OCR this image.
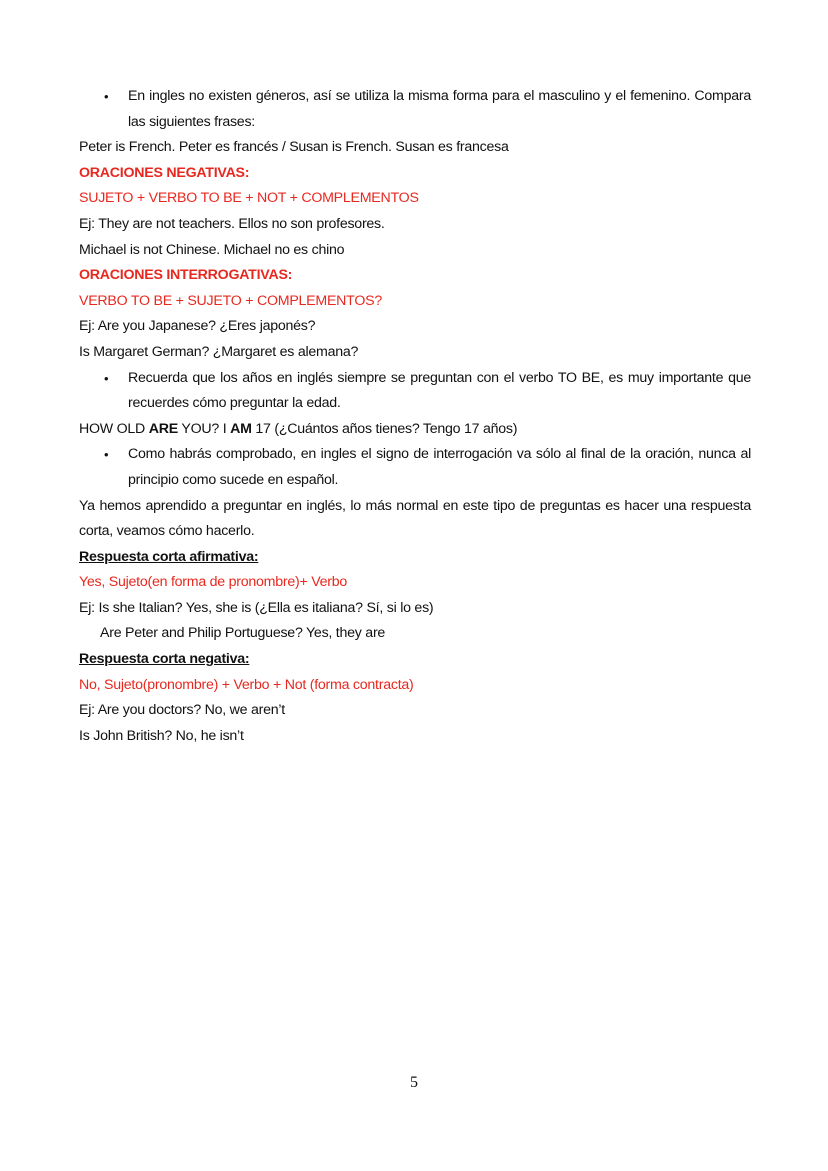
• En ingles no existen géneros, así se utiliza la misma forma para el masculino y el femenino. Compara las siguientes frases:
Peter is French. Peter es francés / Susan is French. Susan es francesa
ORACIONES NEGATIVAS:
SUJETO + VERBO TO BE + NOT + COMPLEMENTOS
Ej: They are not teachers. Ellos no son profesores.
Michael is not Chinese. Michael no es chino
ORACIONES INTERROGATIVAS:
VERBO TO BE + SUJETO + COMPLEMENTOS?
Ej: Are you Japanese? ¿Eres japonés?
Is Margaret German? ¿Margaret es alemana?
• Recuerda que los años en inglés siempre se preguntan con el verbo TO BE, es muy importante que recuerdes cómo preguntar la edad.
HOW OLD ARE YOU? I AM 17 (¿Cuántos años tienes? Tengo 17 años)
• Como habrás comprobado, en ingles el signo de interrogación va sólo al final de la oración, nunca al principio como sucede en español.
Ya hemos aprendido a preguntar en inglés, lo más normal en este tipo de preguntas es hacer una respuesta corta, veamos cómo hacerlo.
Respuesta corta afirmativa:
Yes, Sujeto(en forma de pronombre)+ Verbo
Ej: Is she Italian? Yes, she is (¿Ella es italiana? Sí, si lo es)
Are Peter and Philip Portuguese? Yes, they are
Respuesta corta negativa:
No, Sujeto(pronombre) + Verbo + Not (forma contracta)
Ej: Are you doctors? No, we aren’t
Is John British? No, he isn’t
5
